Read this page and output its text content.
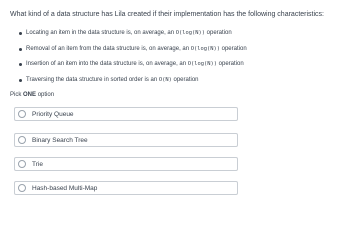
What kind of a data structure has Lila created if their implementation has the following characteristics:
Locating an item in the data structure is, on average, an O(log(N)) operation
Removal of an item from the data structure is, on average, an O(log(N)) operation
Insertion of an item into the data structure is, on average, an O(log(N)) operation
Traversing the data structure in sorted order is an O(N) operation
Pick ONE option
Priority Queue
Binary Search Tree
Trie
Hash-based Multi-Map
